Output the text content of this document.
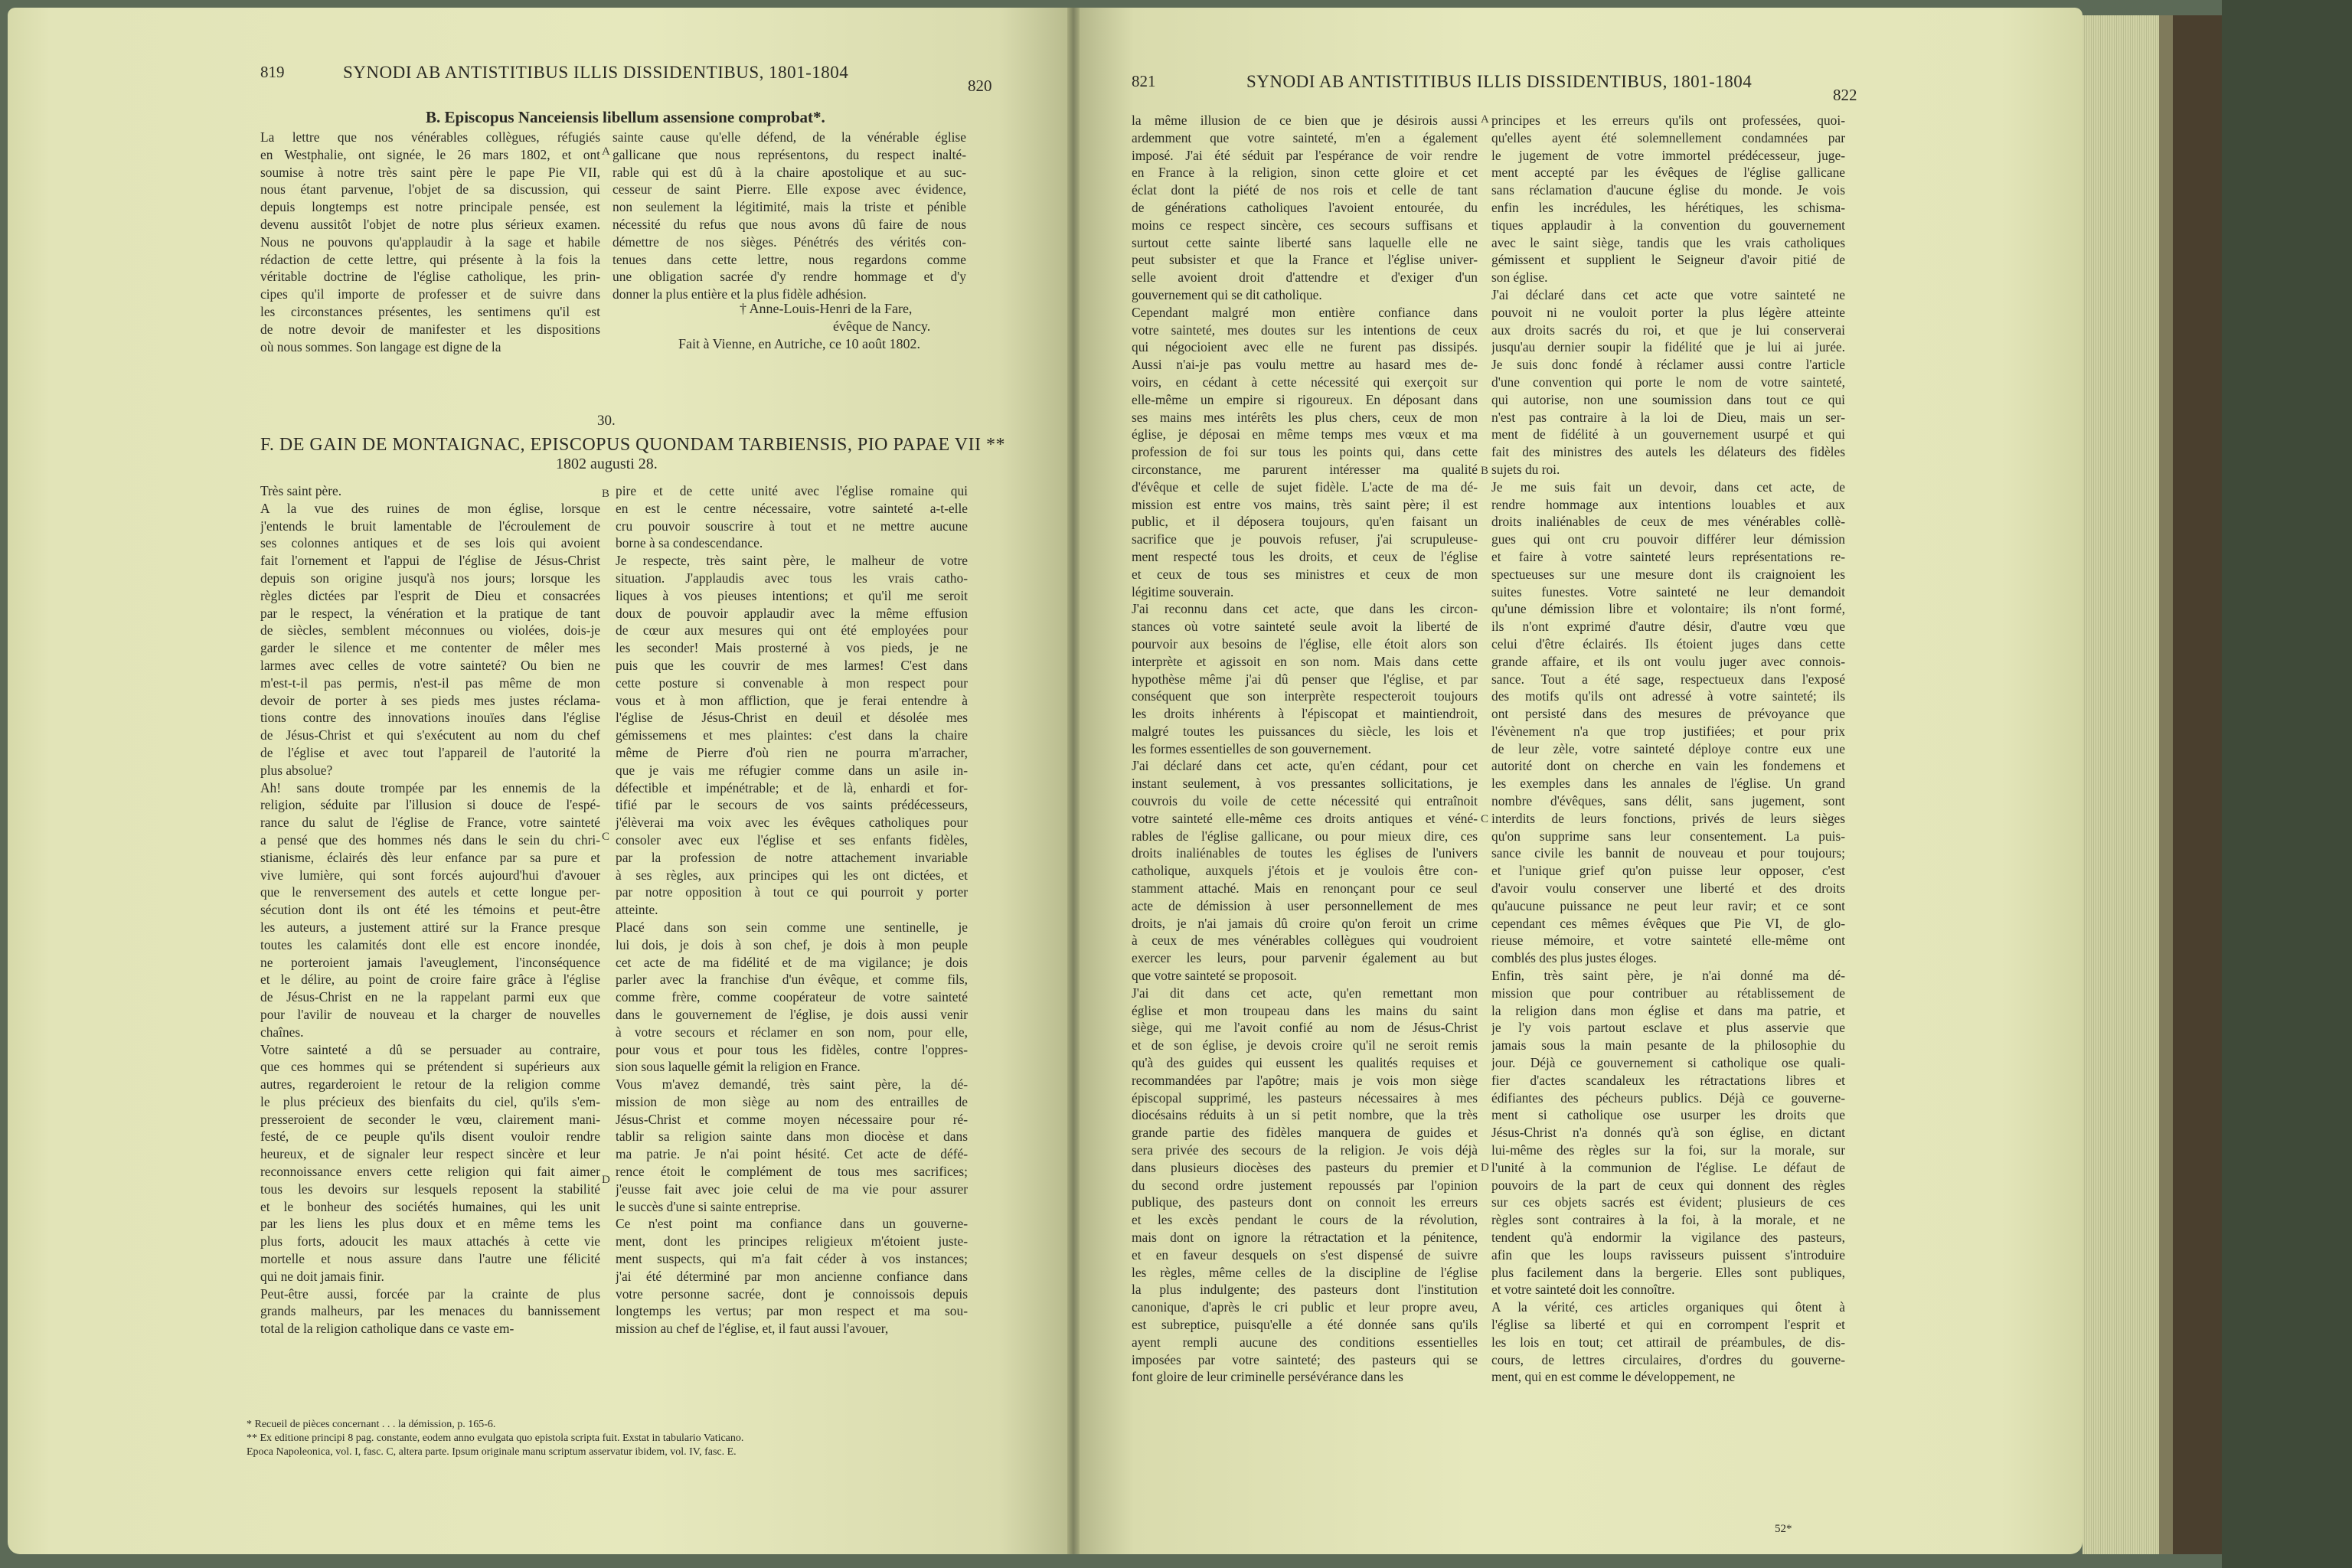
819	SYNODI AB ANTISTITIBUS ILLIS DISSIDENTIBUS, 1801-1804

820

B. Episcopus Nanceiensis libellum assensione comprobat*.

La lettre que nos vénérables collègues, réfugiés
en Westphalie, ont signée, le 26 mars 1802, et ont
soumise à notre très saint père le pape Pie VII,
nous étant parvenue, l'objet de sa discussion, qui
depuis longtemps est notre principale pensée, est
devenu aussitôt l'objet de notre plus sérieux examen.
Nous ne pouvons qu'applaudir à la sage et habile
rédaction de cette lettre, qui présente à la fois la
véritable doctrine de l'église catholique, les prin-
cipes qu'il importe de professer et de suivre dans
les circonstances présentes, les sentimens qu'il est
de notre devoir de manifester et les dispositions
où nous sommes. Son langage est digne de la
sainte cause qu'elle défend, de la vénérable église
gallicane que nous représentons, du respect inalté-
rable qui est dû à la chaire apostolique et au suc-
cesseur de saint Pierre. Elle expose avec évidence,
non seulement la légitimité, mais la triste et pénible
nécessité du refus que nous avons dû faire de nous
démettre de nos sièges. Pénétrés des vérités con-
tenues dans cette lettre, nous regardons comme
une obligation sacrée d'y rendre hommage et d'y
donner la plus entière et la plus fidèle adhésion.

† Anne-Louis-Henri de la Fare,

évêque de Nancy.

Fait à Vienne, en Autriche, ce 10 août 1802.

30.

F. DE GAIN DE MONTAIGNAC, EPISCOPUS QUONDAM TARBIENSIS, PIO PAPAE VII **

1802 augusti 28.

Très saint père.
A la vue des ruines de mon église, lorsque
j'entends le bruit lamentable de l'écroulement de
ses colonnes antiques et de ses lois qui avoient
fait l'ornement et l'appui de l'église de Jésus-Christ
depuis son origine jusqu'à nos jours; lorsque les
règles dictées par l'esprit de Dieu et consacrées
par le respect, la vénération et la pratique de tant
de siècles, semblent méconnues ou violées, dois-je
garder le silence et me contenter de mêler mes
larmes avec celles de votre sainteté? Ou bien ne
m'est-t-il pas permis, n'est-il pas même de mon
devoir de porter à ses pieds mes justes réclama-
tions contre des innovations inouïes dans l'église
de Jésus-Christ et qui s'exécutent au nom du chef
de l'église et avec tout l'appareil de l'autorité la
plus absolue?
Ah! sans doute trompée par les ennemis de la
religion, séduite par l'illusion si douce de l'espé-
rance du salut de l'église de France, votre sainteté
a pensé que des hommes nés dans le sein du chri-
stianisme, éclairés dès leur enfance par sa pure et
vive lumière, qui sont forcés aujourd'hui d'avouer
que le renversement des autels et cette longue per-
sécution dont ils ont été les témoins et peut-être
les auteurs, a justement attiré sur la France presque
toutes les calamités dont elle est encore inondée,
ne porteroient jamais l'aveuglement, l'inconséquence
et le délire, au point de croire faire grâce à l'église
de Jésus-Christ en ne la rappelant parmi eux que
pour l'avilir de nouveau et la charger de nouvelles
chaînes.
Votre sainteté a dû se persuader au contraire,
que ces hommes qui se prétendent si supérieurs aux
autres, regarderoient le retour de la religion comme
le plus précieux des bienfaits du ciel, qu'ils s'em-
presseroient de seconder le vœu, clairement mani-
festé, de ce peuple qu'ils disent vouloir rendre
heureux, et de signaler leur respect sincère et leur
reconnoissance envers cette religion qui fait aimer
tous les devoirs sur lesquels reposent la stabilité
et le bonheur des sociétés humaines, qui les unit
par les liens les plus doux et en même tems les
plus forts, adoucit les maux attachés à cette vie
mortelle et nous assure dans l'autre une félicité
qui ne doit jamais finir.
Peut-être aussi, forcée par la crainte de plus
grands malheurs, par les menaces du bannissement
total de la religion catholique dans ce vaste em-
pire et de cette unité avec l'église romaine qui
en est le centre nécessaire, votre sainteté a-t-elle
cru pouvoir souscrire à tout et ne mettre aucune
borne à sa condescendance.
Je respecte, très saint père, le malheur de votre
situation. J'applaudis avec tous les vrais catho-
liques à vos pieuses intentions; et qu'il me seroit
doux de pouvoir applaudir avec la même effusion
de cœur aux mesures qui ont été employées pour
les seconder! Mais prosterné à vos pieds, je ne
puis que les couvrir de mes larmes! C'est dans
cette posture si convenable à mon respect pour
vous et à mon affliction, que je ferai entendre à
l'église de Jésus-Christ en deuil et désolée mes
gémissemens et mes plaintes: c'est dans la chaire
même de Pierre d'où rien ne pourra m'arracher,
que je vais me réfugier comme dans un asile in-
défectible et impénétrable; et de là, enhardi et for-
tifié par le secours de vos saints prédécesseurs,
j'élèverai ma voix avec les évêques catholiques pour
consoler avec eux l'église et ses enfants fidèles,
par la profession de notre attachement invariable
à ses règles, aux principes qui les ont dictées, et
par notre opposition à tout ce qui pourroit y porter
atteinte.
Placé dans son sein comme une sentinelle, je
lui dois, je dois à son chef, je dois à mon peuple
cet acte de ma fidélité et de ma vigilance; je dois
parler avec la franchise d'un évêque, et comme fils,
comme frère, comme coopérateur de votre sainteté
dans le gouvernement de l'église, je dois aussi venir
à votre secours et réclamer en son nom, pour elle,
pour vous et pour tous les fidèles, contre l'oppres-
sion sous laquelle gémit la religion en France.
Vous m'avez demandé, très saint père, la dé-
mission de mon siège au nom des entrailles de
Jésus-Christ et comme moyen nécessaire pour ré-
tablir sa religion sainte dans mon diocèse et dans
ma patrie. Je n'ai point hésité. Cet acte de défé-
rence étoit le complément de tous mes sacrifices;
j'eusse fait avec joie celui de ma vie pour assurer
le succès d'une si sainte entreprise.
Ce n'est point ma confiance dans un gouverne-
ment, dont les principes religieux m'étoient juste-
ment suspects, qui m'a fait céder à vos instances;
j'ai été déterminé par mon ancienne confiance dans
votre personne sacrée, dont je connoissois depuis
longtemps les vertus; par mon respect et ma sou-
mission au chef de l'église, et, il faut aussi l'avouer,

A

B

C

D

* Recueil de pièces concernant . . . la démission, p. 165-6.
** Ex editione principi 8 pag. constante, eodem anno evulgata quo epistola scripta fuit. Exstat in tabulario Vaticano.
Epoca Napoleonica, vol. I, fasc. C, altera parte. Ipsum originale manu scriptum asservatur ibidem, vol. IV, fasc. E.

821	SYNODI AB ANTISTITIBUS ILLIS DISSIDENTIBUS, 1801-1804

822

la même illusion de ce bien que je désirois aussi
ardemment que votre sainteté, m'en a également
imposé. J'ai été séduit par l'espérance de voir rendre
en France à la religion, sinon cette gloire et cet
éclat dont la piété de nos rois et celle de tant
de générations catholiques l'avoient entourée, du
moins ce respect sincère, ces secours suffisans et
surtout cette sainte liberté sans laquelle elle ne
peut subsister et que la France et l'église univer-
selle avoient droit d'attendre et d'exiger d'un
gouvernement qui se dit catholique.
Cependant malgré mon entière confiance dans
votre sainteté, mes doutes sur les intentions de ceux
qui négocioient avec elle ne furent pas dissipés.
Aussi n'ai-je pas voulu mettre au hasard mes de-
voirs, en cédant à cette nécessité qui exerçoit sur
elle-même un empire si rigoureux. En déposant dans
ses mains mes intérêts les plus chers, ceux de mon
église, je déposai en même temps mes vœux et ma
profession de foi sur tous les points qui, dans cette
circonstance, me parurent intéresser ma qualité
d'évêque et celle de sujet fidèle. L'acte de ma dé-
mission est entre vos mains, très saint père; il est
public, et il déposera toujours, qu'en faisant un
sacrifice que je pouvois refuser, j'ai scrupuleuse-
ment respecté tous les droits, et ceux de l'église
et ceux de tous ses ministres et ceux de mon
légitime souverain.
J'ai reconnu dans cet acte, que dans les circon-
stances où votre sainteté seule avoit la liberté de
pourvoir aux besoins de l'église, elle étoit alors son
interprète et agissoit en son nom. Mais dans cette
hypothèse même j'ai dû penser que l'église, et par
conséquent que son interprète respecteroit toujours
les droits inhérents à l'épiscopat et maintiendroit,
malgré toutes les puissances du siècle, les lois et
les formes essentielles de son gouvernement.
J'ai déclaré dans cet acte, qu'en cédant, pour cet
instant seulement, à vos pressantes sollicitations, je
couvrois du voile de cette nécessité qui entraînoit
votre sainteté elle-même ces droits antiques et véné-
rables de l'église gallicane, ou pour mieux dire, ces
droits inaliénables de toutes les églises de l'univers
catholique, auxquels j'étois et je voulois être con-
stamment attaché. Mais en renonçant pour ce seul
acte de démission à user personnellement de mes
droits, je n'ai jamais dû croire qu'on feroit un crime
à ceux de mes vénérables collègues qui voudroient
exercer les leurs, pour parvenir également au but
que votre sainteté se proposoit.
J'ai dit dans cet acte, qu'en remettant mon
église et mon troupeau dans les mains du saint
siège, qui me l'avoit confié au nom de Jésus-Christ
et de son église, je devois croire qu'il ne seroit remis
qu'à des guides qui eussent les qualités requises et
recommandées par l'apôtre; mais je vois mon siège
épiscopal supprimé, les pasteurs nécessaires à mes
diocésains réduits à un si petit nombre, que la très
grande partie des fidèles manquera de guides et
sera privée des secours de la religion. Je vois déjà
dans plusieurs diocèses des pasteurs du premier et
du second ordre justement repoussés par l'opinion
publique, des pasteurs dont on connoit les erreurs
et les excès pendant le cours de la révolution,
mais dont on ignore la rétractation et la pénitence,
et en faveur desquels on s'est dispensé de suivre
les règles, même celles de la discipline de l'église
la plus indulgente; des pasteurs dont l'institution
canonique, d'après le cri public et leur propre aveu,
est subreptice, puisqu'elle a été donnée sans qu'ils
ayent rempli aucune des conditions essentielles
imposées par votre sainteté; des pasteurs qui se
font gloire de leur criminelle persévérance dans les
principes et les erreurs qu'ils ont professées, quoi-
qu'elles ayent été solemnellement condamnées par
le jugement de votre immortel prédécesseur, juge-
ment accepté par les évêques de l'église gallicane
sans réclamation d'aucune église du monde. Je vois
enfin les incrédules, les hérétiques, les schisma-
tiques applaudir à la convention du gouvernement
avec le saint siège, tandis que les vrais catholiques
gémissent et supplient le Seigneur d'avoir pitié de
son église.
J'ai déclaré dans cet acte que votre sainteté ne
pouvoit ni ne vouloit porter la plus légère atteinte
aux droits sacrés du roi, et que je lui conserverai
jusqu'au dernier soupir la fidélité que je lui ai jurée.
Je suis donc fondé à réclamer aussi contre l'article
d'une convention qui porte le nom de votre sainteté,
qui autorise, non une soumission dans tout ce qui
n'est pas contraire à la loi de Dieu, mais un ser-
ment de fidélité à un gouvernement usurpé et qui
fait des ministres des autels les délateurs des fidèles
sujets du roi.
Je me suis fait un devoir, dans cet acte, de
rendre hommage aux intentions louables et aux
droits inaliénables de ceux de mes vénérables collè-
gues qui ont cru pouvoir différer leur démission
et faire à votre sainteté leurs représentations re-
spectueuses sur une mesure dont ils craignoient les
suites funestes. Votre sainteté ne leur demandoit
qu'une démission libre et volontaire; ils n'ont formé,
ils n'ont exprimé d'autre désir, d'autre vœu que
celui d'être éclairés. Ils étoient juges dans cette
grande affaire, et ils ont voulu juger avec connois-
sance. Tout a été sage, respectueux dans l'exposé
des motifs qu'ils ont adressé à votre sainteté; ils
ont persisté dans des mesures de prévoyance que
l'évènement n'a que trop justifiées; et pour prix
de leur zèle, votre sainteté déploye contre eux une
autorité dont on cherche en vain les fondemens et
les exemples dans les annales de l'église. Un grand
nombre d'évêques, sans délit, sans jugement, sont
interdits de leurs fonctions, privés de leurs sièges
qu'on supprime sans leur consentement. La puis-
sance civile les bannit de nouveau et pour toujours;
et l'unique grief qu'on puisse leur opposer, c'est
d'avoir voulu conserver une liberté et des droits
qu'aucune puissance ne peut leur ravir; et ce sont
cependant ces mêmes évêques que Pie VI, de glo-
rieuse mémoire, et votre sainteté elle-même ont
comblés des plus justes éloges.
Enfin, très saint père, je n'ai donné ma dé-
mission que pour contribuer au rétablissement de
la religion dans mon église et dans ma patrie, et
je l'y vois partout esclave et plus asservie que
jamais sous la main pesante de la philosophie du
jour. Déjà ce gouvernement si catholique ose quali-
fier d'actes scandaleux les rétractations libres et
édifiantes des pécheurs publics. Déjà ce gouverne-
ment si catholique ose usurper les droits que
Jésus-Christ n'a donnés qu'à son église, en dictant
lui-même des règles sur la foi, sur la morale, sur
l'unité à la communion de l'église. Le défaut de
pouvoirs de la part de ceux qui donnent des règles
sur ces objets sacrés est évident; plusieurs de ces
règles sont contraires à la foi, à la morale, et ne
tendent qu'à endormir la vigilance des pasteurs,
afin que les loups ravisseurs puissent s'introduire
plus facilement dans la bergerie. Elles sont publiques,
et votre sainteté doit les connoître.
A la vérité, ces articles organiques qui ôtent à
l'église sa liberté et qui en corrompent l'esprit et
les lois en tout; cet attirail de préambules, de dis-
cours, de lettres circulaires, d'ordres du gouverne-
ment, qui en est comme le développement, ne

A

B

C

D

52*
